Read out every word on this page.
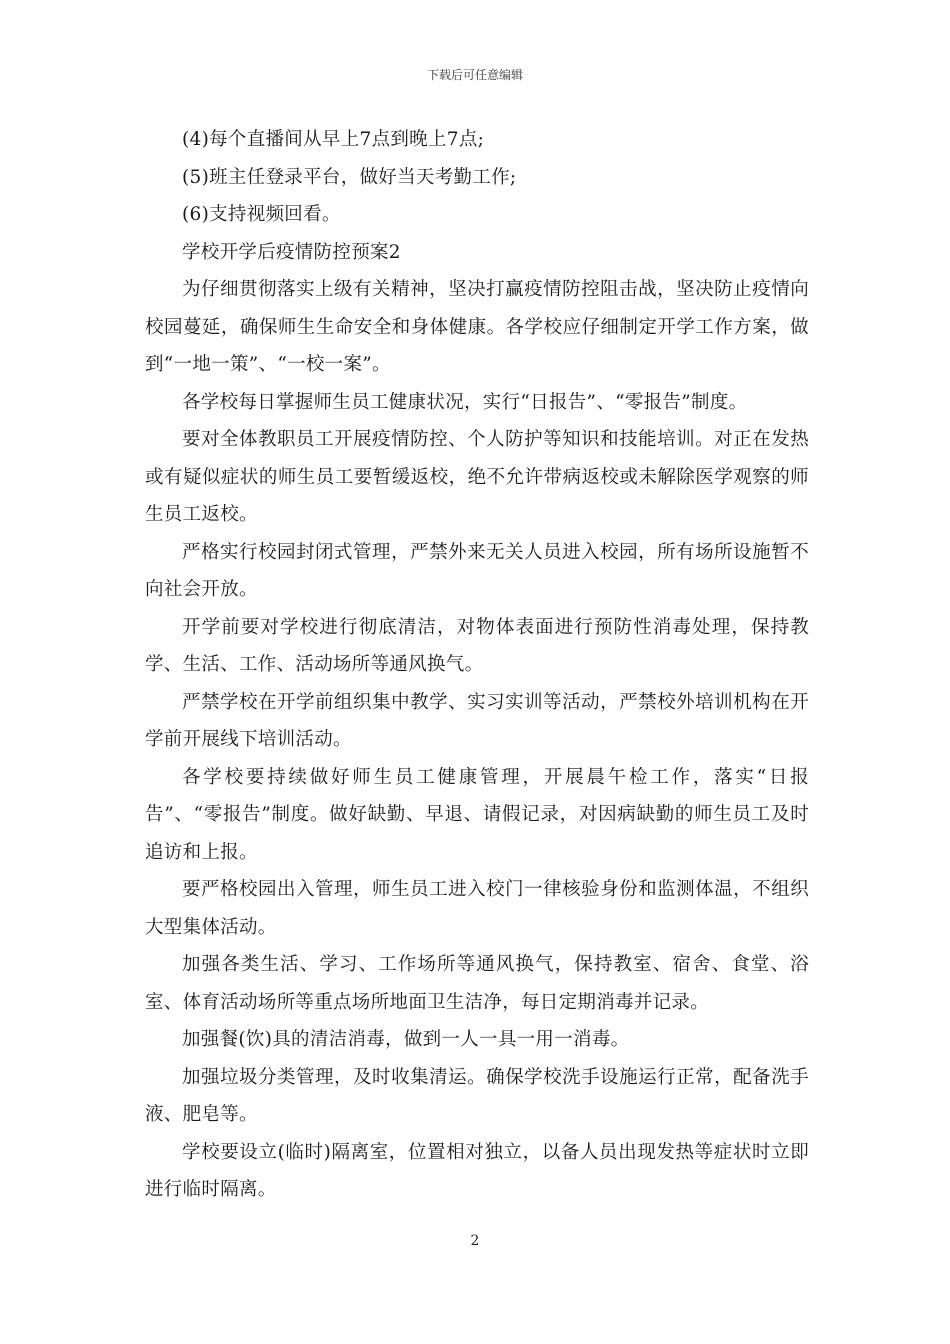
下载后可任意编辑

(4)每个直播间从早上7点到晚上7点;

(5)班主任登录平台，做好当天考勤工作;

(6)支持视频回看。

学校开学后疫情防控预案2

为仔细贯彻落实上级有关精神，坚决打赢疫情防控阻击战，坚决防止疫情向校园蔓延，确保师生生命安全和身体健康。各学校应仔细制定开学工作方案，做到“一地一策”、“一校一案”。

各学校每日掌握师生员工健康状况，实行“日报告”、“零报告”制度。

要对全体教职员工开展疫情防控、个人防护等知识和技能培训。对正在发热或有疑似症状的师生员工要暂缓返校，绝不允许带病返校或未解除医学观察的师生员工返校。

严格实行校园封闭式管理，严禁外来无关人员进入校园，所有场所设施暂不向社会开放。

开学前要对学校进行彻底清洁，对物体表面进行预防性消毒处理，保持教学、生活、工作、活动场所等通风换气。

严禁学校在开学前组织集中教学、实习实训等活动，严禁校外培训机构在开学前开展线下培训活动。

各学校要持续做好师生员工健康管理，开展晨午检工作，落实“日报告”、“零报告”制度。做好缺勤、早退、请假记录，对因病缺勤的师生员工及时追访和上报。

要严格校园出入管理，师生员工进入校门一律核验身份和监测体温，不组织大型集体活动。

加强各类生活、学习、工作场所等通风换气，保持教室、宿舍、食堂、浴室、体育活动场所等重点场所地面卫生洁净，每日定期消毒并记录。

加强餐(饮)具的清洁消毒，做到一人一具一用一消毒。

加强垃圾分类管理，及时收集清运。确保学校洗手设施运行正常，配备洗手液、肥皂等。

学校要设立(临时)隔离室，位置相对独立，以备人员出现发热等症状时立即进行临时隔离。

2
